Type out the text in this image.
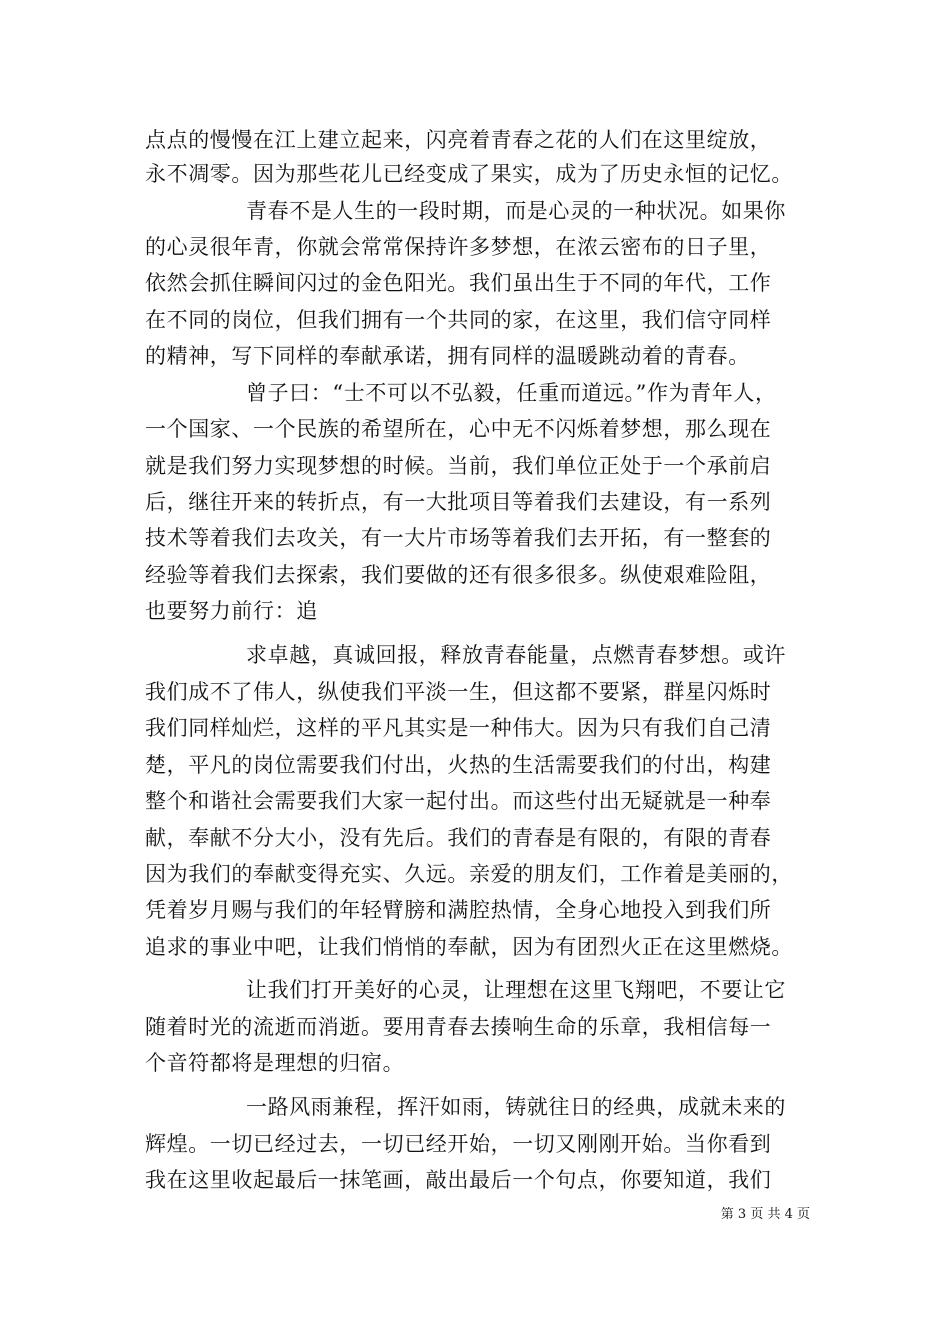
点点的慢慢在江上建立起来，闪亮着青春之花的人们在这里绽放，
永不凋零。因为那些花儿已经变成了果实，成为了历史永恒的记忆。
青春不是人生的一段时期，而是心灵的一种状况。如果你
的心灵很年青，你就会常常保持许多梦想，在浓云密布的日子里，
依然会抓住瞬间闪过的金色阳光。我们虽出生于不同的年代，工作
在不同的岗位，但我们拥有一个共同的家，在这里，我们信守同样
的精神，写下同样的奉献承诺，拥有同样的温暖跳动着的青春。
曾子曰：“士不可以不弘毅，任重而道远。”作为青年人，
一个国家、一个民族的希望所在，心中无不闪烁着梦想，那么现在
就是我们努力实现梦想的时候。当前，我们单位正处于一个承前启
后，继往开来的转折点，有一大批项目等着我们去建设，有一系列
技术等着我们去攻关，有一大片市场等着我们去开拓，有一整套的
经验等着我们去探索，我们要做的还有很多很多。纵使艰难险阻，
也要努力前行：追
求卓越，真诚回报，释放青春能量，点燃青春梦想。或许
我们成不了伟人，纵使我们平淡一生，但这都不要紧，群星闪烁时
我们同样灿烂，这样的平凡其实是一种伟大。因为只有我们自己清
楚，平凡的岗位需要我们付出，火热的生活需要我们的付出，构建
整个和谐社会需要我们大家一起付出。而这些付出无疑就是一种奉
献，奉献不分大小，没有先后。我们的青春是有限的，有限的青春
因为我们的奉献变得充实、久远。亲爱的朋友们，工作着是美丽的，
凭着岁月赐与我们的年轻臂膀和满腔热情，全身心地投入到我们所
追求的事业中吧，让我们悄悄的奉献，因为有团烈火正在这里燃烧。
让我们打开美好的心灵，让理想在这里飞翔吧，不要让它
随着时光的流逝而消逝。要用青春去揍响生命的乐章，我相信每一
个音符都将是理想的归宿。
一路风雨兼程，挥汗如雨，铸就往日的经典，成就未来的
辉煌。一切已经过去，一切已经开始，一切又刚刚开始。当你看到
我在这里收起最后一抹笔画，敲出最后一个句点，你要知道，我们
第 3 页 共 4 页
